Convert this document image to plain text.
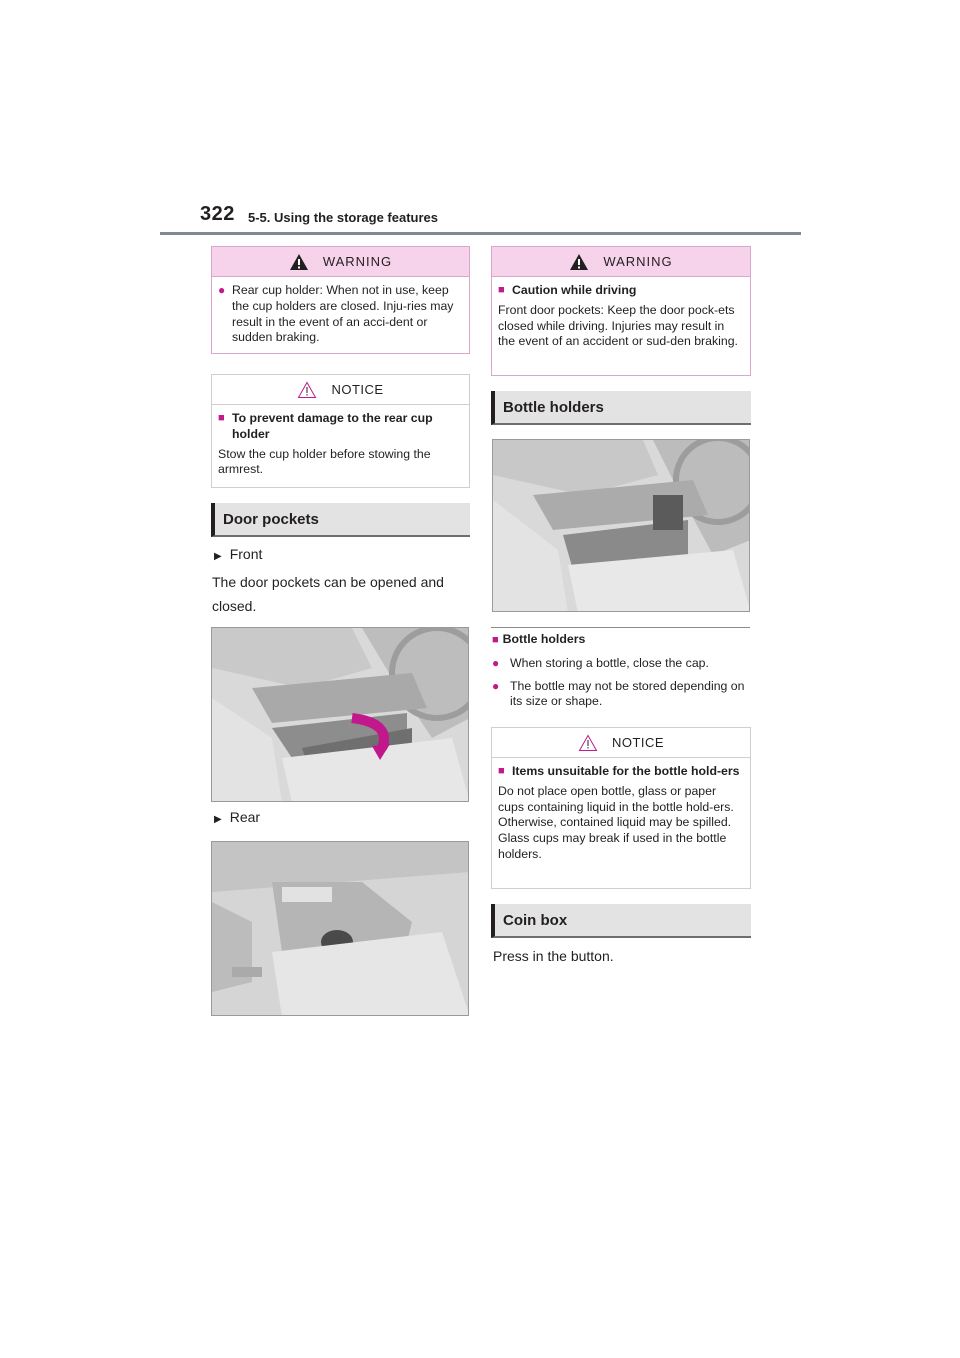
322 5-5. Using the storage features
WARNING
● Rear cup holder: When not in use, keep the cup holders are closed. Inju-ries may result in the event of an acci-dent or sudden braking.
NOTICE
■ To prevent damage to the rear cup holder
Stow the cup holder before stowing the armrest.
Door pockets
▶ Front
The door pockets can be opened and closed.
▶ Rear
WARNING
■ Caution while driving
Front door pockets: Keep the door pock-ets closed while driving. Injuries may result in the event of an accident or sud-den braking.
Bottle holders
■ Bottle holders
● When storing a bottle, close the cap.
● The bottle may not be stored depending on its size or shape.
NOTICE
■ Items unsuitable for the bottle hold-ers
Do not place open bottle, glass or paper cups containing liquid in the bottle hold-ers. Otherwise, contained liquid may be spilled. Glass cups may break if used in the bottle holders.
Coin box
Press in the button.
